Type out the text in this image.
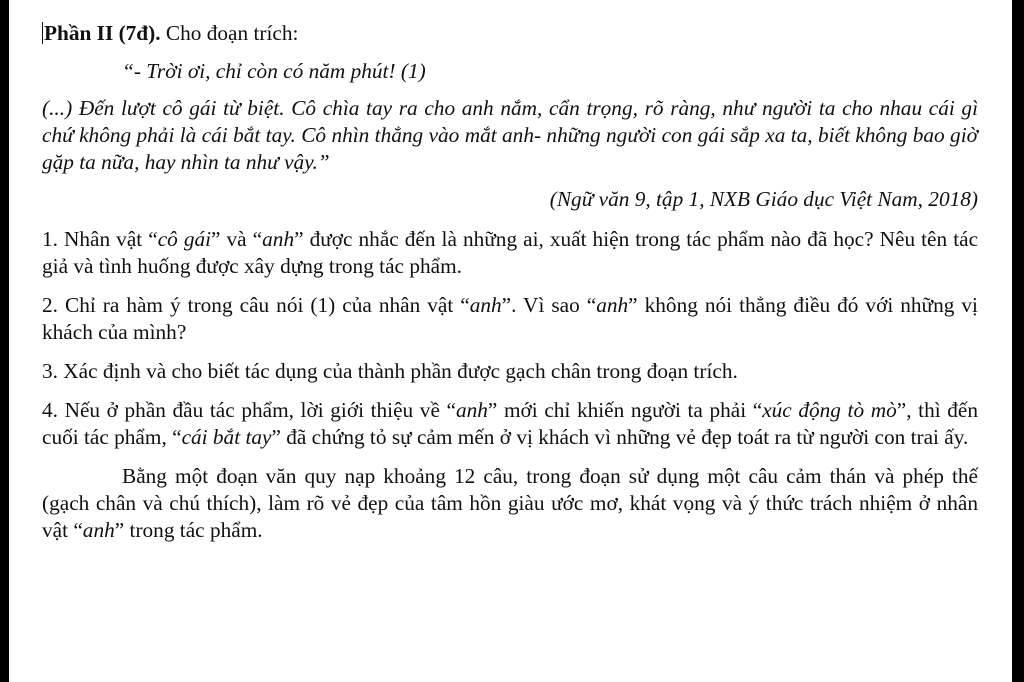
Phần II (7đ). Cho đoạn trích:

“- Trời ơi, chỉ còn có năm phút! (1)

(...) Đến lượt cô gái từ biệt. Cô chìa tay ra cho anh nắm, cẩn trọng, rõ ràng, như người ta cho nhau cái gì chứ không phải là cái bắt tay. Cô nhìn thẳng vào mắt anh- những người con gái sắp xa ta, biết không bao giờ gặp ta nữa, hay nhìn ta như vậy.”

(Ngữ văn 9, tập 1, NXB Giáo dục Việt Nam, 2018)

1. Nhân vật “cô gái” và “anh” được nhắc đến là những ai, xuất hiện trong tác phẩm nào đã học? Nêu tên tác giả và tình huống được xây dựng trong tác phẩm.

2. Chỉ ra hàm ý trong câu nói (1) của nhân vật “anh”. Vì sao “anh” không nói thẳng điều đó với những vị khách của mình?

3. Xác định và cho biết tác dụng của thành phần được gạch chân trong đoạn trích.

4. Nếu ở phần đầu tác phẩm, lời giới thiệu về “anh” mới chỉ khiến người ta phải “xúc động tò mò”, thì đến cuối tác phẩm, “cái bắt tay” đã chứng tỏ sự cảm mến ở vị khách vì những vẻ đẹp toát ra từ người con trai ấy.

Bằng một đoạn văn quy nạp khoảng 12 câu, trong đoạn sử dụng một câu cảm thán và phép thế (gạch chân và chú thích), làm rõ vẻ đẹp của tâm hồn giàu ước mơ, khát vọng và ý thức trách nhiệm ở nhân vật “anh” trong tác phẩm.
